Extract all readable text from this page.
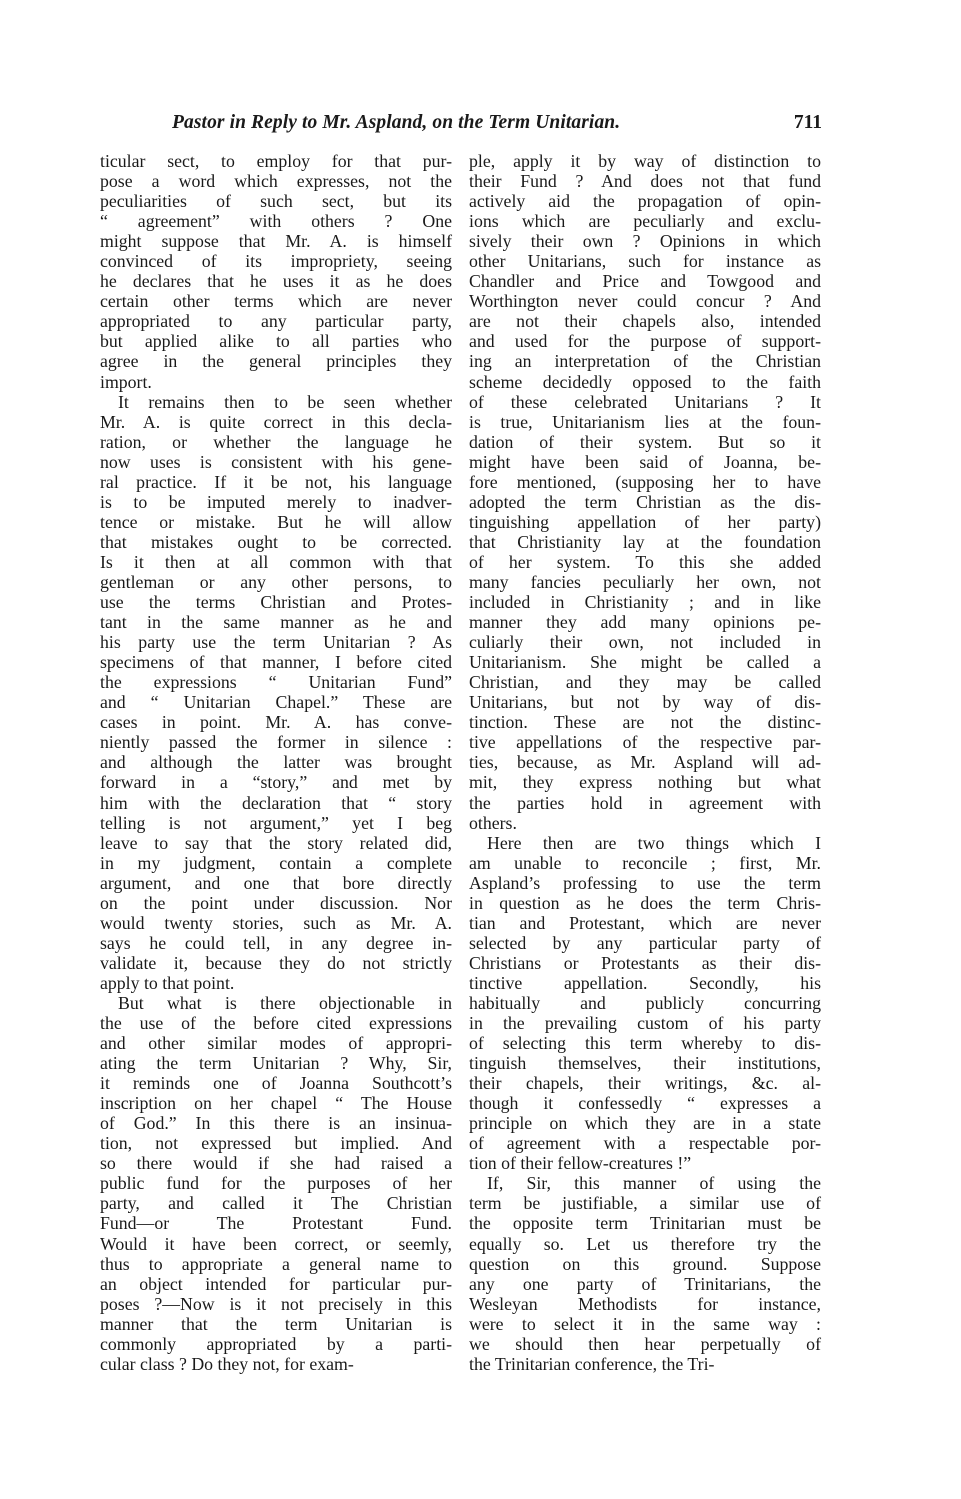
Pastor in Reply to Mr. Aspland, on the Term Unitarian.	711
ticular sect, to employ for that pur-
pose a word which expresses, not the
peculiarities of such sect, but its
“ agreement” with others ? One
might suppose that Mr. A. is himself
convinced of its impropriety, seeing
he declares that he uses it as he does
certain other terms which are never
appropriated to any particular party,
but applied alike to all parties who
agree in the general principles they
import.
It remains then to be seen whether
Mr. A. is quite correct in this decla-
ration, or whether the language he
now uses is consistent with his gene-
ral practice. If it be not, his language
is to be imputed merely to inadver-
tence or mistake. But he will allow
that mistakes ought to be corrected.
Is it then at all common with that
gentleman or any other persons, to
use the terms Christian and Protes-
tant in the same manner as he and
his party use the term Unitarian ? As
specimens of that manner, I before cited
the expressions “ Unitarian Fund”
and “ Unitarian Chapel.” These are
cases in point. Mr. A. has conve-
niently passed the former in silence :
and although the latter was brought
forward in a “story,” and met by
him with the declaration that “ story
telling is not argument,” yet I beg
leave to say that the story related did,
in my judgment, contain a complete
argument, and one that bore directly
on the point under discussion. Nor
would twenty stories, such as Mr. A.
says he could tell, in any degree in-
validate it, because they do not strictly
apply to that point.
But what is there objectionable in
the use of the before cited expressions
and other similar modes of appropri-
ating the term Unitarian ? Why, Sir,
it reminds one of Joanna Southcott’s
inscription on her chapel “ The House
of God.” In this there is an insinua-
tion, not expressed but implied. And
so there would if she had raised a
public fund for the purposes of her
party, and called it The Christian
Fund—or The Protestant Fund.
Would it have been correct, or seemly,
thus to appropriate a general name to
an object intended for particular pur-
poses ?—Now is it not precisely in this
manner that the term Unitarian is
commonly appropriated by a parti-
cular class ? Do they not, for exam-
ple, apply it by way of distinction to
their Fund ? And does not that fund
actively aid the propagation of opin-
ions which are peculiarly and exclu-
sively their own ? Opinions in which
other Unitarians, such for instance as
Chandler and Price and Towgood and
Worthington never could concur ? And
are not their chapels also, intended
and used for the purpose of support-
ing an interpretation of the Christian
scheme decidedly opposed to the faith
of these celebrated Unitarians ? It
is true, Unitarianism lies at the foun-
dation of their system. But so it
might have been said of Joanna, be-
fore mentioned, (supposing her to have
adopted the term Christian as the dis-
tinguishing appellation of her party)
that Christianity lay at the foundation
of her system. To this she added
many fancies peculiarly her own, not
included in Christianity ; and in like
manner they add many opinions pe-
culiarly their own, not included in
Unitarianism. She might be called a
Christian, and they may be called
Unitarians, but not by way of dis-
tinction. These are not the distinc-
tive appellations of the respective par-
ties, because, as Mr. Aspland will ad-
mit, they express nothing but what
the parties hold in agreement with
others.
Here then are two things which I
am unable to reconcile ; first, Mr.
Aspland’s professing to use the term
in question as he does the term Chris-
tian and Protestant, which are never
selected by any particular party of
Christians or Protestants as their dis-
tinctive appellation. Secondly, his
habitually and publicly concurring
in the prevailing custom of his party
of selecting this term whereby to dis-
tinguish themselves, their institutions,
their chapels, their writings, &c. al-
though it confessedly “ expresses a
principle on which they are in a state
of agreement with a respectable por-
tion of their fellow-creatures !”
If, Sir, this manner of using the
term be justifiable, a similar use of
the opposite term Trinitarian must be
equally so. Let us therefore try the
question on this ground. Suppose
any one party of Trinitarians, the
Wesleyan Methodists for instance,
were to select it in the same way :
we should then hear perpetually of
the Trinitarian conference, the Tri-
